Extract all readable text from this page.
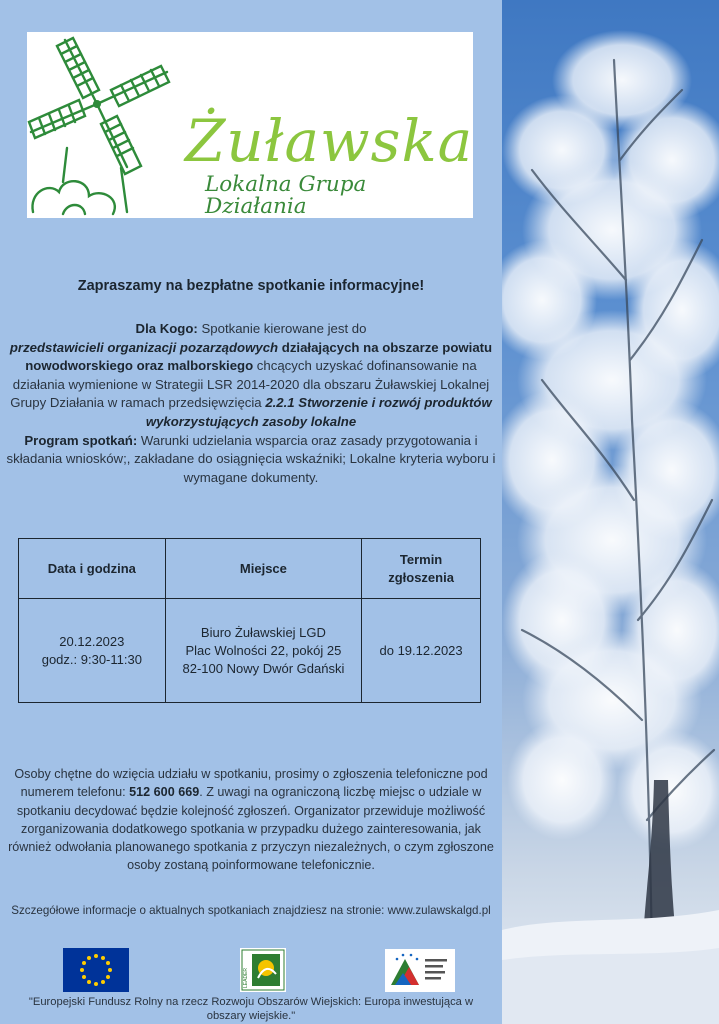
Żuławska
Lokalna Grupa Działania
Zapraszamy na bezpłatne spotkanie informacyjne!
Dla Kogo: Spotkanie kierowane jest do
przedstawicieli organizacji pozarządowych działających na obszarze powiatu nowodworskiego oraz malborskiego chcących uzyskać dofinansowanie na działania wymienione w Strategii LSR 2014-2020 dla obszaru Żuławskiej Lokalnej Grupy Działania w ramach przedsięwzięcia 2.2.1 Stworzenie i rozwój produktów wykorzystujących zasoby lokalne
Program spotkań: Warunki udzielania wsparcia oraz zasady przygotowania i składania wniosków;, zakładane do osiągnięcia wskaźniki; Lokalne kryteria wyboru i wymagane dokumenty.
Data i godzina	Miejsce	Termin zgłoszenia
20.12.2023
godz.: 9:30-11:30	Biuro Żuławskiej LGD
Plac Wolności 22, pokój 25
82-100 Nowy Dwór Gdański	do 19.12.2023
Osoby chętne do wzięcia udziału w spotkaniu, prosimy o zgłoszenia telefoniczne pod numerem telefonu: 512 600 669. Z uwagi na ograniczoną liczbę miejsc o udziale w spotkaniu decydować będzie kolejność zgłoszeń. Organizator przewiduje możliwość zorganizowania dodatkowego spotkania w przypadku dużego zainteresowania, jak również odwołania planowanego spotkania z przyczyn niezależnych, o czym zgłoszone osoby zostaną poinformowane telefonicznie.
Szczegółowe informacje o aktualnych spotkaniach znajdziesz na stronie: www.zulawskalgd.pl
LEADER
"Europejski Fundusz Rolny na rzecz Rozwoju Obszarów Wiejskich: Europa inwestująca w obszary wiejskie."
